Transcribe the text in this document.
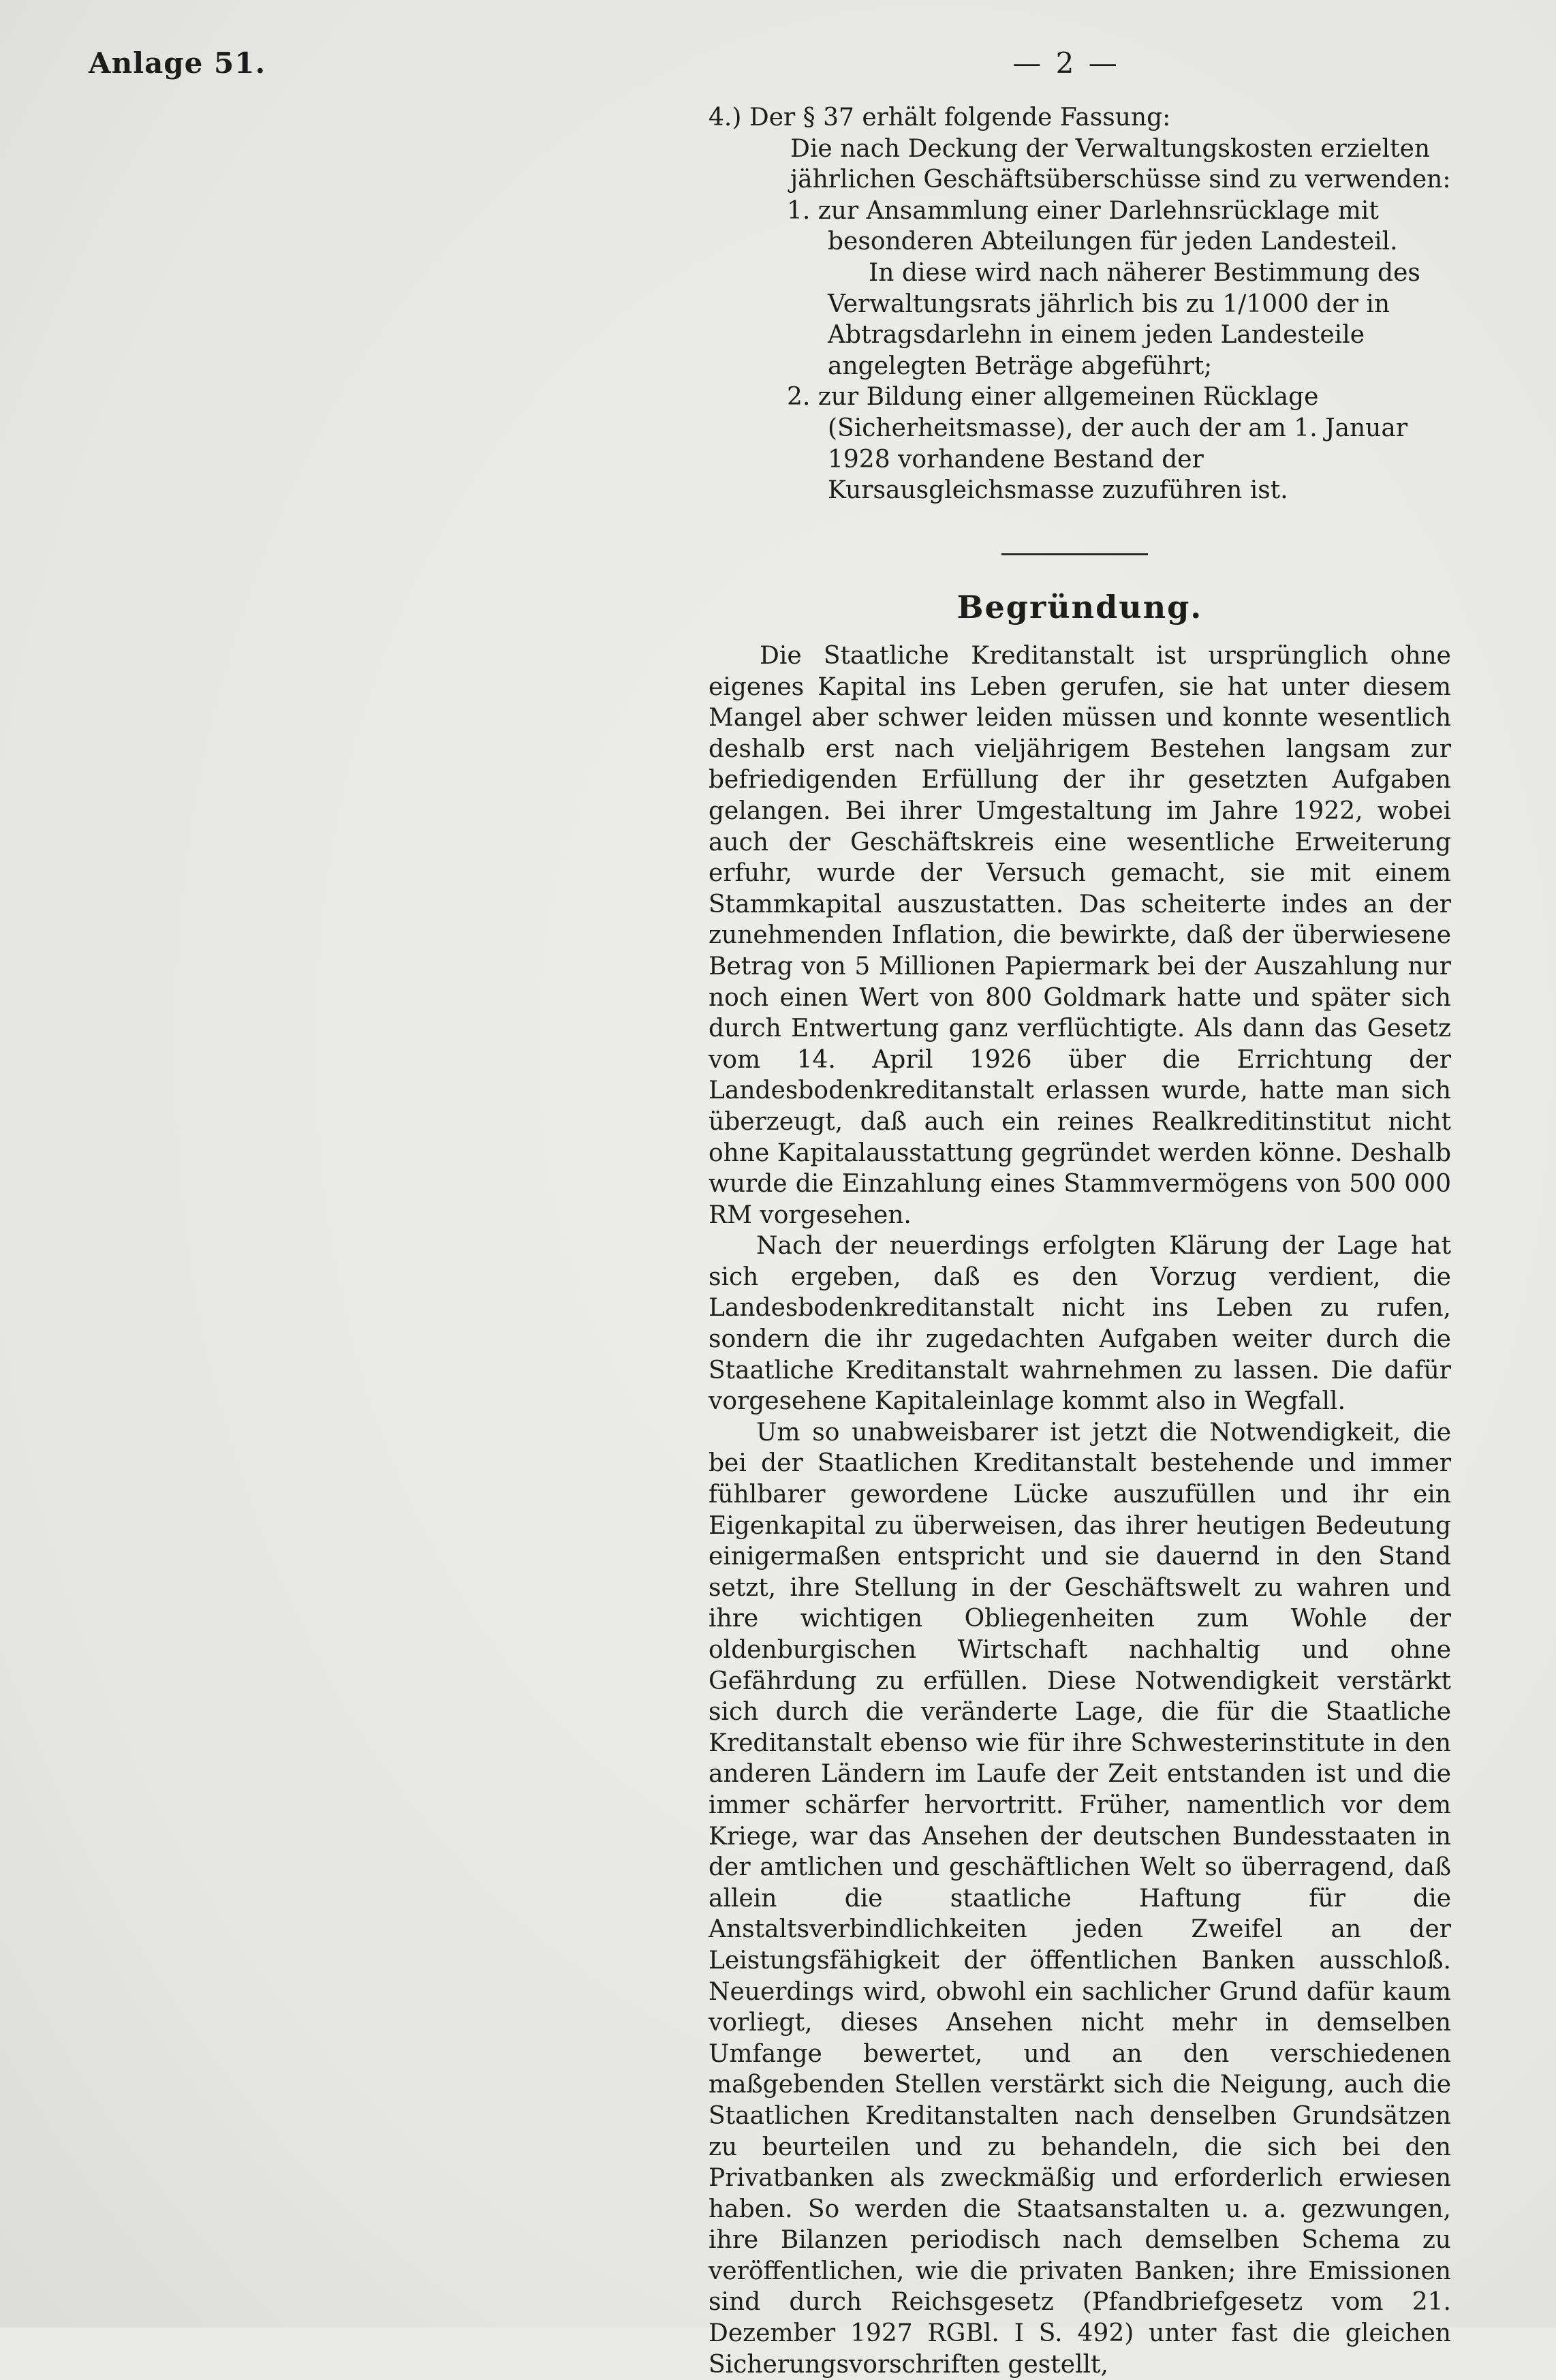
Anlage 51.	— 2 —

4.) Der § 37 erhält folgende Fassung:

Die nach Deckung der Verwaltungskosten erzielten jährlichen Geschäftsüberschüsse sind zu verwenden:

1. zur Ansammlung einer Darlehnsrücklage mit besonderen Abteilungen für jeden Landesteil.

In diese wird nach näherer Bestimmung des Verwaltungsrats jährlich bis zu 1/1000 der in Abtragsdarlehn in einem jeden Landesteile angelegten Beträge abgeführt;

2. zur Bildung einer allgemeinen Rücklage (Sicherheitsmasse), der auch der am 1. Januar 1928 vorhandene Bestand der Kursausgleichsmasse zuzuführen ist.

Begründung.

Die Staatliche Kreditanstalt ist ursprünglich ohne eigenes Kapital ins Leben gerufen, sie hat unter diesem Mangel aber schwer leiden müssen und konnte wesentlich deshalb erst nach vieljährigem Bestehen langsam zur befriedigenden Erfüllung der ihr gesetzten Aufgaben gelangen. Bei ihrer Umgestaltung im Jahre 1922, wobei auch der Geschäftskreis eine wesentliche Erweiterung erfuhr, wurde der Versuch gemacht, sie mit einem Stammkapital auszustatten. Das scheiterte indes an der zunehmenden Inflation, die bewirkte, daß der überwiesene Betrag von 5 Millionen Papiermark bei der Auszahlung nur noch einen Wert von 800 Goldmark hatte und später sich durch Entwertung ganz verflüchtigte. Als dann das Gesetz vom 14. April 1926 über die Errichtung der Landesbodenkreditanstalt erlassen wurde, hatte man sich überzeugt, daß auch ein reines Realkreditinstitut nicht ohne Kapitalausstattung gegründet werden könne. Deshalb wurde die Einzahlung eines Stammvermögens von 500 000 RM vorgesehen.

Nach der neuerdings erfolgten Klärung der Lage hat sich ergeben, daß es den Vorzug verdient, die Landesbodenkreditanstalt nicht ins Leben zu rufen, sondern die ihr zugedachten Aufgaben weiter durch die Staatliche Kreditanstalt wahrnehmen zu lassen. Die dafür vorgesehene Kapitaleinlage kommt also in Wegfall.

Um so unabweisbarer ist jetzt die Notwendigkeit, die bei der Staatlichen Kreditanstalt bestehende und immer fühlbarer gewordene Lücke auszufüllen und ihr ein Eigenkapital zu überweisen, das ihrer heutigen Bedeutung einigermaßen entspricht und sie dauernd in den Stand setzt, ihre Stellung in der Geschäftswelt zu wahren und ihre wichtigen Obliegenheiten zum Wohle der oldenburgischen Wirtschaft nachhaltig und ohne Gefährdung zu erfüllen. Diese Notwendigkeit verstärkt sich durch die veränderte Lage, die für die Staatliche Kreditanstalt ebenso wie für ihre Schwesterinstitute in den anderen Ländern im Laufe der Zeit entstanden ist und die immer schärfer hervortritt. Früher, namentlich vor dem Kriege, war das Ansehen der deutschen Bundesstaaten in der amtlichen und geschäftlichen Welt so überragend, daß allein die staatliche Haftung für die Anstaltsverbindlichkeiten jeden Zweifel an der Leistungsfähigkeit der öffentlichen Banken ausschloß. Neuerdings wird, obwohl ein sachlicher Grund dafür kaum vorliegt, dieses Ansehen nicht mehr in demselben Umfange bewertet, und an den verschiedenen maßgebenden Stellen verstärkt sich die Neigung, auch die Staatlichen Kreditanstalten nach denselben Grundsätzen zu beurteilen und zu behandeln, die sich bei den Privatbanken als zweckmäßig und erforderlich erwiesen haben. So werden die Staatsanstalten u. a. gezwungen, ihre Bilanzen periodisch nach demselben Schema zu veröffentlichen, wie die privaten Banken; ihre Emissionen sind durch Reichsgesetz (Pfandbriefgesetz vom 21. Dezember 1927 RGBl. I S. 492) unter fast die gleichen Sicherungsvorschriften gestellt,
